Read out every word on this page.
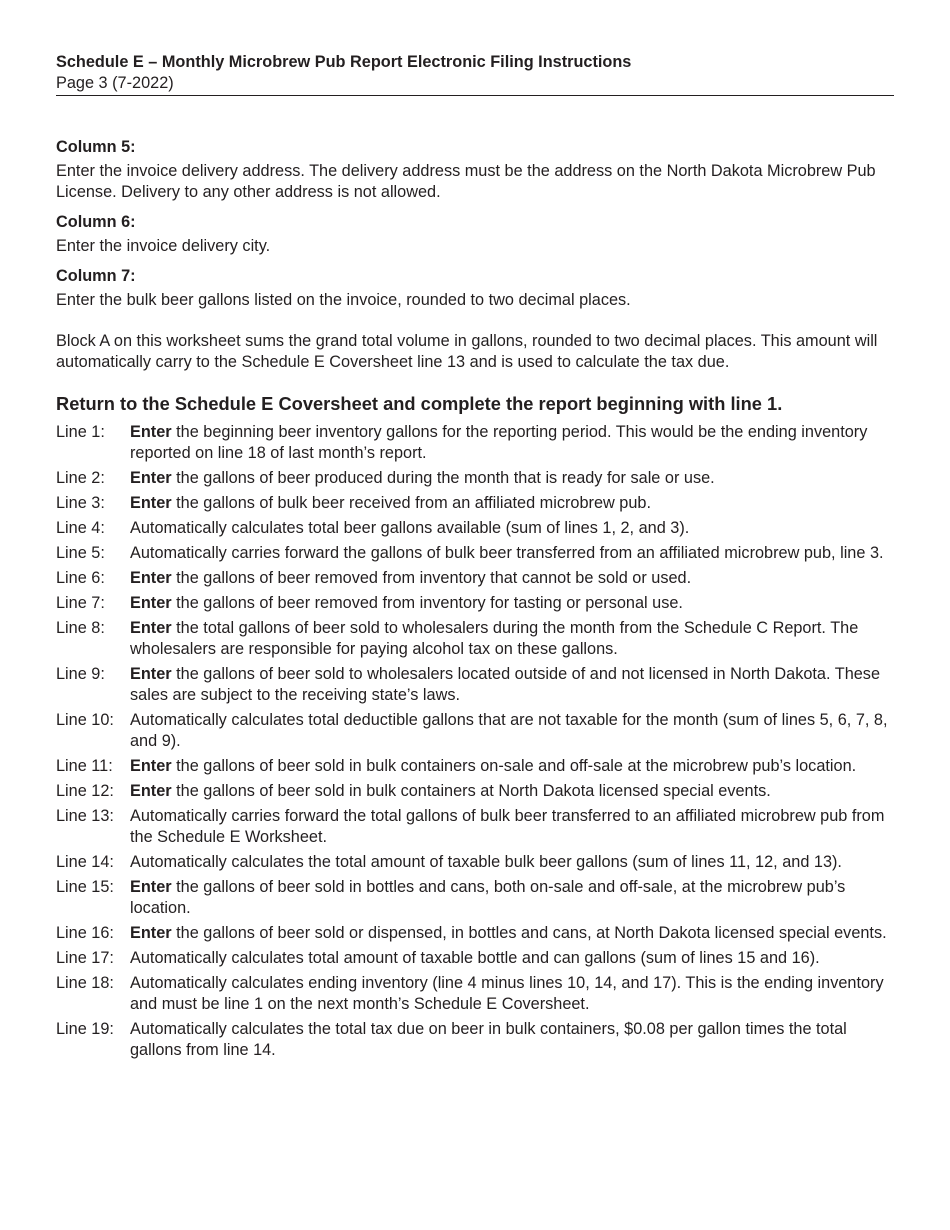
Schedule E – Monthly Microbrew Pub Report Electronic Filing Instructions
Page 3 (7-2022)

Column 5:

Enter the invoice delivery address. The delivery address must be the address on the North Dakota Microbrew Pub License. Delivery to any other address is not allowed.

Column 6:

Enter the invoice delivery city.

Column 7:

Enter the bulk beer gallons listed on the invoice, rounded to two decimal places.

Block A on this worksheet sums the grand total volume in gallons, rounded to two decimal places. This amount will automatically carry to the Schedule E Coversheet line 13 and is used to calculate the tax due.

Return to the Schedule E Coversheet and complete the report beginning with line 1.
Line 1:	Enter the beginning beer inventory gallons for the reporting period. This would be the ending inventory reported on line 18 of last month’s report.
Line 2:	Enter the gallons of beer produced during the month that is ready for sale or use.
Line 3:	Enter the gallons of bulk beer received from an affiliated microbrew pub.
Line 4:	Automatically calculates total beer gallons available (sum of lines 1, 2, and 3).
Line 5:	Automatically carries forward the gallons of bulk beer transferred from an affiliated microbrew pub, line 3.
Line 6:	Enter the gallons of beer removed from inventory that cannot be sold or used.
Line 7:	Enter the gallons of beer removed from inventory for tasting or personal use.
Line 8:	Enter the total gallons of beer sold to wholesalers during the month from the Schedule C Report. The wholesalers are responsible for paying alcohol tax on these gallons.
Line 9:	Enter the gallons of beer sold to wholesalers located outside of and not licensed in North Dakota. These sales are subject to the receiving state’s laws.
Line 10: Automatically calculates total deductible gallons that are not taxable for the month (sum of lines 5, 6, 7, 8, and 9).
Line 11:	Enter the gallons of beer sold in bulk containers on-sale and off-sale at the microbrew pub’s location.
Line 12: Enter the gallons of beer sold in bulk containers at North Dakota licensed special events.
Line 13: Automatically carries forward the total gallons of bulk beer transferred to an affiliated microbrew pub from the Schedule E Worksheet.
Line 14: Automatically calculates the total amount of taxable bulk beer gallons (sum of lines 11, 12, and 13).
Line 15: Enter the gallons of beer sold in bottles and cans, both on-sale and off-sale, at the microbrew pub’s location.
Line 16: Enter the gallons of beer sold or dispensed, in bottles and cans, at North Dakota licensed special events.
Line 17: Automatically calculates total amount of taxable bottle and can gallons (sum of lines 15 and 16).
Line 18: Automatically calculates ending inventory (line 4 minus lines 10, 14, and 17). This is the ending inventory and must be line 1 on the next month’s Schedule E Coversheet.
Line 19: Automatically calculates the total tax due on beer in bulk containers, $0.08 per gallon times the total gallons from line 14.
